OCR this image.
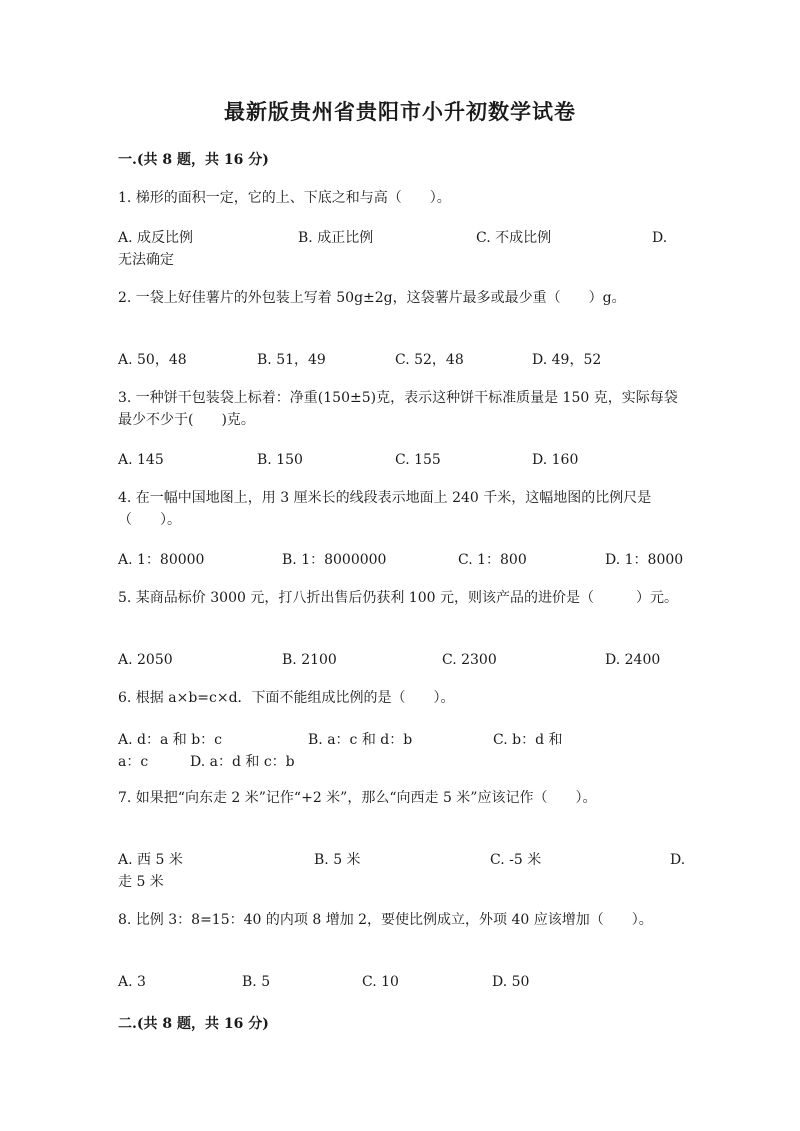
最新版贵州省贵阳市小升初数学试卷
一.(共 8 题，共 16 分)
1. 梯形的面积一定，它的上、下底之和与高（　　）。
A. 成反比例	B. 成正比例	C. 不成比例	D.
无法确定
2. 一袋上好佳薯片的外包装上写着 50g±2g，这袋薯片最多或最少重（　　）g。
A. 50，48	B. 51，49	C. 52，48	D. 49，52
3. 一种饼干包装袋上标着：净重(150±5)克，表示这种饼干标准质量是 150 克，实际每袋最少不少于(　　)克。
A. 145	B. 150	C. 155	D. 160
4. 在一幅中国地图上，用 3 厘米长的线段表示地面上 240 千米，这幅地图的比例尺是（　　）。
A. 1：80000	B. 1：8000000	C. 1：800	D. 1：8000
5. 某商品标价 3000 元，打八折出售后仍获利 100 元，则该产品的进价是（　　　）元。
A. 2050	B. 2100	C. 2300	D. 2400
6. 根据 a×b=c×d．下面不能组成比例的是（　　）。
A. d：a 和 b：c	B. a：c 和 d：b	C. b：d 和
a：c	D. a：d 和 c：b
7. 如果把“向东走 2 米”记作“+2 米”，那么“向西走 5 米”应该记作（　　）。
A. 西 5 米	B. 5 米	C. -5 米	D.
走 5 米
8. 比例 3：8=15：40 的内项 8 增加 2，要使比例成立，外项 40 应该增加（　　）。
A. 3	B. 5	C. 10	D. 50
二.(共 8 题，共 16 分)
